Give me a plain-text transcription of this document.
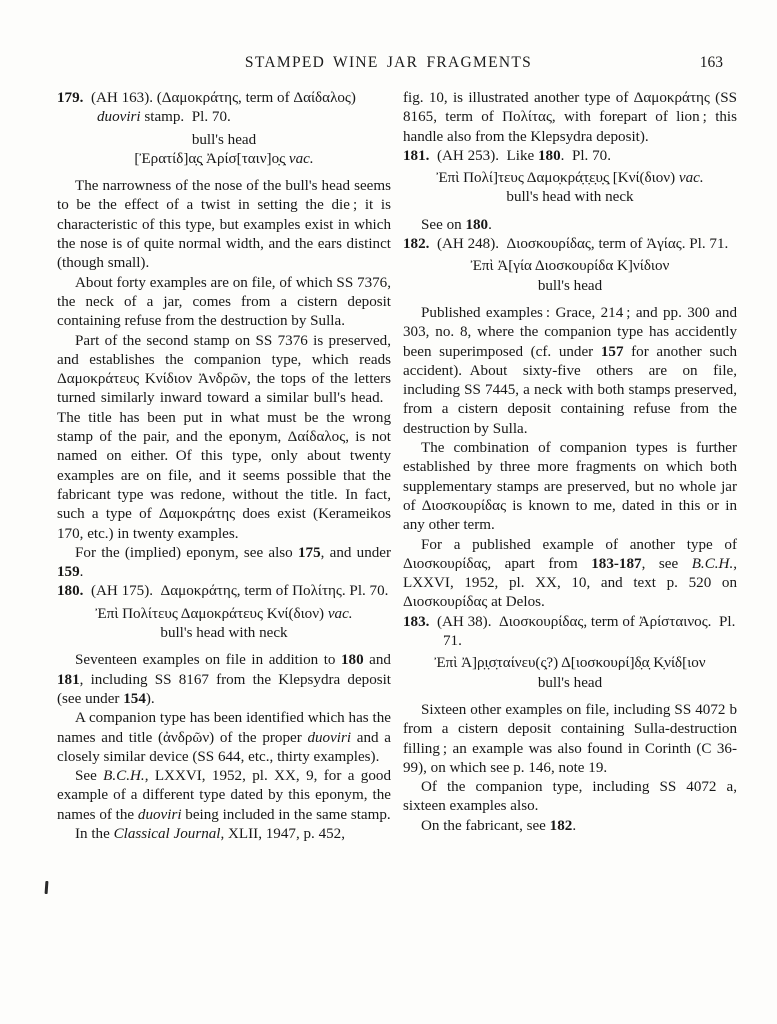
STAMPED WINE JAR FRAGMENTS	163

179. (AH 163). (Δαμοκράτης, term of Δαίδαλος) duoviri stamp. Pl. 70.

bull's head

[Ἐρατίδ]α̣ς̣ Ἀρίσ[ταιν]ο̣ς̣ vac.

The narrowness of the nose of the bull's head seems to be the effect of a twist in setting the die ; it is characteristic of this type, but examples exist in which the nose is of quite normal width, and the ears distinct (though small).

About forty examples are on file, of which SS 7376, the neck of a jar, comes from a cistern deposit containing refuse from the destruction by Sulla.

Part of the second stamp on SS 7376 is preserved, and establishes the companion type, which reads Δαμοκράτευς Κνίδιον Ἀνδρῶν, the tops of the letters turned similarly inward toward a similar bull's head. The title has been put in what must be the wrong stamp of the pair, and the eponym, Δαίδαλος, is not named on either. Of this type, only about twenty examples are on file, and it seems possible that the fabricant type was redone, without the title. In fact, such a type of Δαμοκράτης does exist (Kerameikos 170, etc.) in twenty examples.

For the (implied) eponym, see also 175, and under 159.

180. (AH 175). Δαμοκράτης, term of Πολίτης. Pl. 70.

Ἐπὶ Πολίτευς Δαμοκράτευς Κνί(διον) vac.

bull's head with neck

Seventeen examples on file in addition to 180 and 181, including SS 8167 from the Klepsydra deposit (see under 154).

A companion type has been identified which has the names and title (ἀνδρῶν) of the proper duoviri and a closely similar device (SS 644, etc., thirty examples).

See B.C.H., LXXVI, 1952, pl. XX, 9, for a good example of a different type dated by this eponym, the names of the duoviri being included in the same stamp.

In the Classical Journal, XLII, 1947, p. 452,

fig. 10, is illustrated another type of Δαμοκράτης (SS 8165, term of Πολίτας, with forepart of lion ; this handle also from the Klepsydra deposit).

181. (AH 253). Like 180. Pl. 70.

Ἐπὶ Πολί]τευς Δαμο̣κρά̣τ̣ε̣υ̣ς̣ [Κνί(διον) vac.

bull's head with neck

See on 180.

182. (AH 248). Διοσκουρίδας, term of Ἀγίας. Pl. 71.

Ἐπὶ Ἀ[γία Διοσκουρίδα Κ]νίδιον

bull's head

Published examples : Grace, 214 ; and pp. 300 and 303, no. 8, where the companion type has accidently been superimposed (cf. under 157 for another such accident). About sixty-five others are on file, including SS 7445, a neck with both stamps preserved, from a cistern deposit containing refuse from the destruction by Sulla.

The combination of companion types is further established by three more fragments on which both supplementary stamps are preserved, but no whole jar of Διοσκουρίδας is known to me, dated in this or in any other term.

For a published example of another type of Διοσκουρίδας, apart from 183-187, see B.C.H., LXXVI, 1952, pl. XX, 10, and text p. 520 on Διοσκουρίδας at Delos.

183. (AH 38). Διοσκουρίδας, term of Ἀρίσταινος. Pl. 71.

Ἐπὶ Ἀ]ρ̣ι̣σ̣ταίνευ(ς̣?) Δ[ιοσκουρί]δ̣α̣ Κ̣νίδ[ιον

bull's head

Sixteen other examples on file, including SS 4072 b from a cistern deposit containing Sulla-destruction filling ; an example was also found in Corinth (C 36-99), on which see p. 146, note 19.

Of the companion type, including SS 4072 a, sixteen examples also.

On the fabricant, see 182.
